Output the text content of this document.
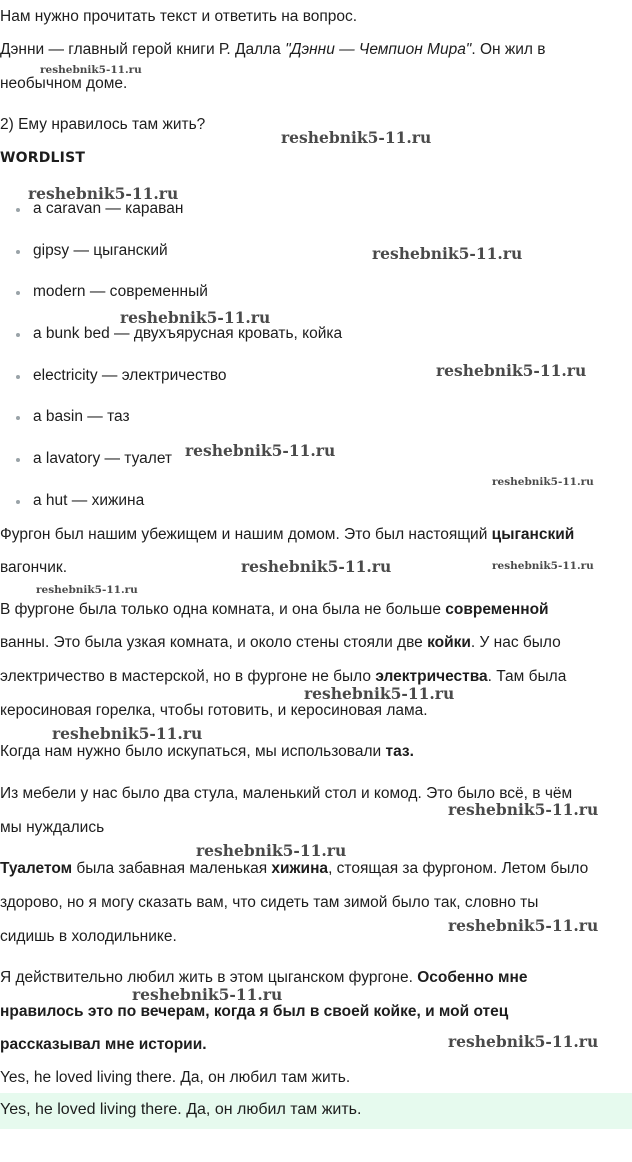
Нам нужно прочитать текст и ответить на вопрос.
Дэнни — главный герой книги Р. Далла "Дэнни — Чемпион Мира". Он жил в
необычном доме.
2) Ему нравилось там жить?
WORDLIST
a caravan — караван
gipsy — цыганский
modern — современный
a bunk bed — двухъярусная кровать, койка
electricity — электричество
a basin — таз
a lavatory — туалет
a hut — хижина
Фургон был нашим убежищем и нашим домом. Это был настоящий цыганский
вагончик.
В фургоне была только одна комната, и она была не больше современной
ванны. Это была узкая комната, и около стены стояли две койки. У нас было
электричество в мастерской, но в фургоне не было электричества. Там была
керосиновая горелка, чтобы готовить, и керосиновая лама.
Когда нам нужно было искупаться, мы использовали таз.
Из мебели у нас было два стула, маленький стол и комод. Это было всё, в чём
мы нуждались
Туалетом была забавная маленькая хижина, стоящая за фургоном. Летом было
здорово, но я могу сказать вам, что сидеть там зимой было так, словно ты
сидишь в холодильнике.
Я действительно любил жить в этом цыганском фургоне. Особенно мне
нравилось это по вечерам, когда я был в своей койке, и мой отец
рассказывал мне истории.
Yes, he loved living there. Да, он любил там жить.
Yes, he loved living there. Да, он любил там жить.
reshebnik5-11.ru
reshebnik5-11.ru
reshebnik5-11.ru
reshebnik5-11.ru
reshebnik5-11.ru
reshebnik5-11.ru
reshebnik5-11.ru
reshebnik5-11.ru
reshebnik5-11.ru	reshebnik5-11.ru
reshebnik5-11.ru
reshebnik5-11.ru
reshebnik5-11.ru
reshebnik5-11.ru
reshebnik5-11.ru
reshebnik5-11.ru
reshebnik5-11.ru
reshebnik5-11.ru
